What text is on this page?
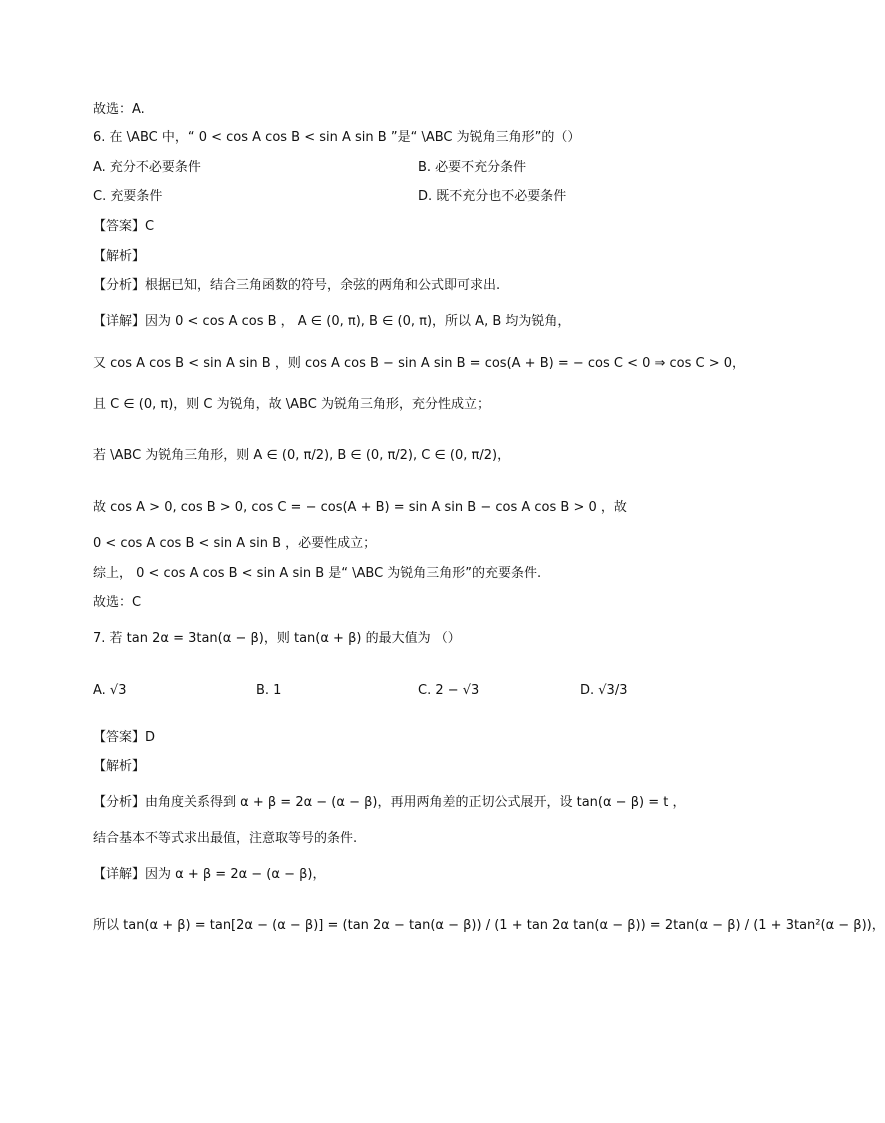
故选：A.
6. 在 \ABC 中，“ 0 < cos A cos B < sin A sin B ”是“ \ABC 为锐角三角形”的（）
A. 充分不必要条件	B. 必要不充分条件
C. 充要条件	D. 既不充分也不必要条件
【答案】C
【解析】
【分析】根据已知，结合三角函数的符号，余弦的两角和公式即可求出.
【详解】因为 0 < cos A cos B ， A ∈ (0, π), B ∈ (0, π)，所以 A, B 均为锐角，
又 cos A cos B < sin A sin B ，则 cos A cos B − sin A sin B = cos(A + B) = − cos C < 0 ⇒ cos C > 0，
且 C ∈ (0, π)，则 C 为锐角，故 \ABC 为锐角三角形，充分性成立；
若 \ABC 为锐角三角形，则 A ∈ (0, π/2), B ∈ (0, π/2), C ∈ (0, π/2)，
故 cos A > 0, cos B > 0, cos C = − cos(A + B) = sin A sin B − cos A cos B > 0 ，故
0 < cos A cos B < sin A sin B ，必要性成立；
综上， 0 < cos A cos B < sin A sin B 是“ \ABC 为锐角三角形”的充要条件.
故选：C
7. 若 tan 2α = 3tan(α − β)，则 tan(α + β) 的最大值为 （）
A. √3	B. 1	C. 2 − √3	D. √3/3
【答案】D
【解析】
【分析】由角度关系得到 α + β = 2α − (α − β)，再用两角差的正切公式展开，设 tan(α − β) = t ，
结合基本不等式求出最值，注意取等号的条件.
【详解】因为 α + β = 2α − (α − β)，
所以 tan(α + β) = tan[2α − (α − β)] = (tan 2α − tan(α − β)) / (1 + tan 2α tan(α − β)) = 2tan(α − β) / (1 + 3tan²(α − β))，
